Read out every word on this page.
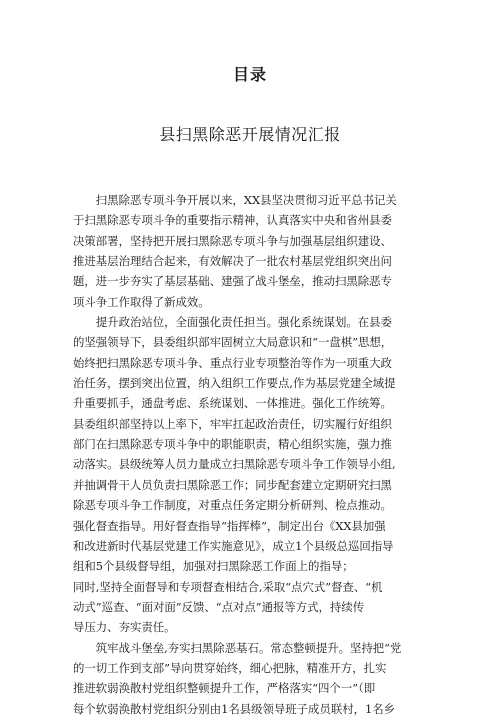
目录
县扫黑除恶开展情况汇报

　　扫黑除恶专项斗争开展以来，XX县坚决贯彻习近平总书记关

于扫黑除恶专项斗争的重要指示精神，认真落实中央和省州县委

决策部署，坚持把开展扫黑除恶专项斗争与加强基层组织建设、

推进基层治理结合起来，有效解决了一批农村基层党组织突出问

题，进一步夯实了基层基础、建强了战斗堡垒，推动扫黑除恶专

项斗争工作取得了新成效。

　　提升政治站位，全面强化责任担当。强化系统谋划。在县委

的坚强领导下，县委组织部牢固树立大局意识和“一盘棋”思想，

始终把扫黑除恶专项斗争、重点行业专项整治等作为一项重大政

治任务，摆到突出位置，纳入组织工作要点,作为基层党建全域提

升重要抓手，通盘考虑、系统谋划、一体推进。强化工作统筹。

县委组织部坚持以上率下，牢牢扛起政治责任，切实履行好组织

部门在扫黑除恶专项斗争中的职能职责，精心组织实施，强力推

动落实。县级统筹人员力量成立扫黑除恶专项斗争工作领导小组,

并抽调骨干人员负责扫黑除恶工作；同步配套建立定期研究扫黑

除恶专项斗争工作制度，对重点任务定期分析研判、检点推动。

强化督查指导。用好督查指导“指挥棒”，制定出台《XX县加强

和改进新时代基层党建工作实施意见》，成立1个县级总巡回指导

组和5个县级督导组，加强对扫黑除恶工作面上的指导；

同时,坚持全面督导和专项督查相结合,采取“点穴式”督查、“机

动式”巡查、“面对面”反馈、“点对点”通报等方式，持续传

导压力、夯实责任。

　　筑牢战斗堡垒,夯实扫黑除恶基石。常态整顿提升。坚持把“党

的一切工作到支部”导向贯穿始终，细心把脉，精准开方，扎实

推进软弱涣散村党组织整顿提升工作，严格落实“四个一”（即

每个软弱涣散村党组织分别由1名县级领导班子成员联村，1名乡
